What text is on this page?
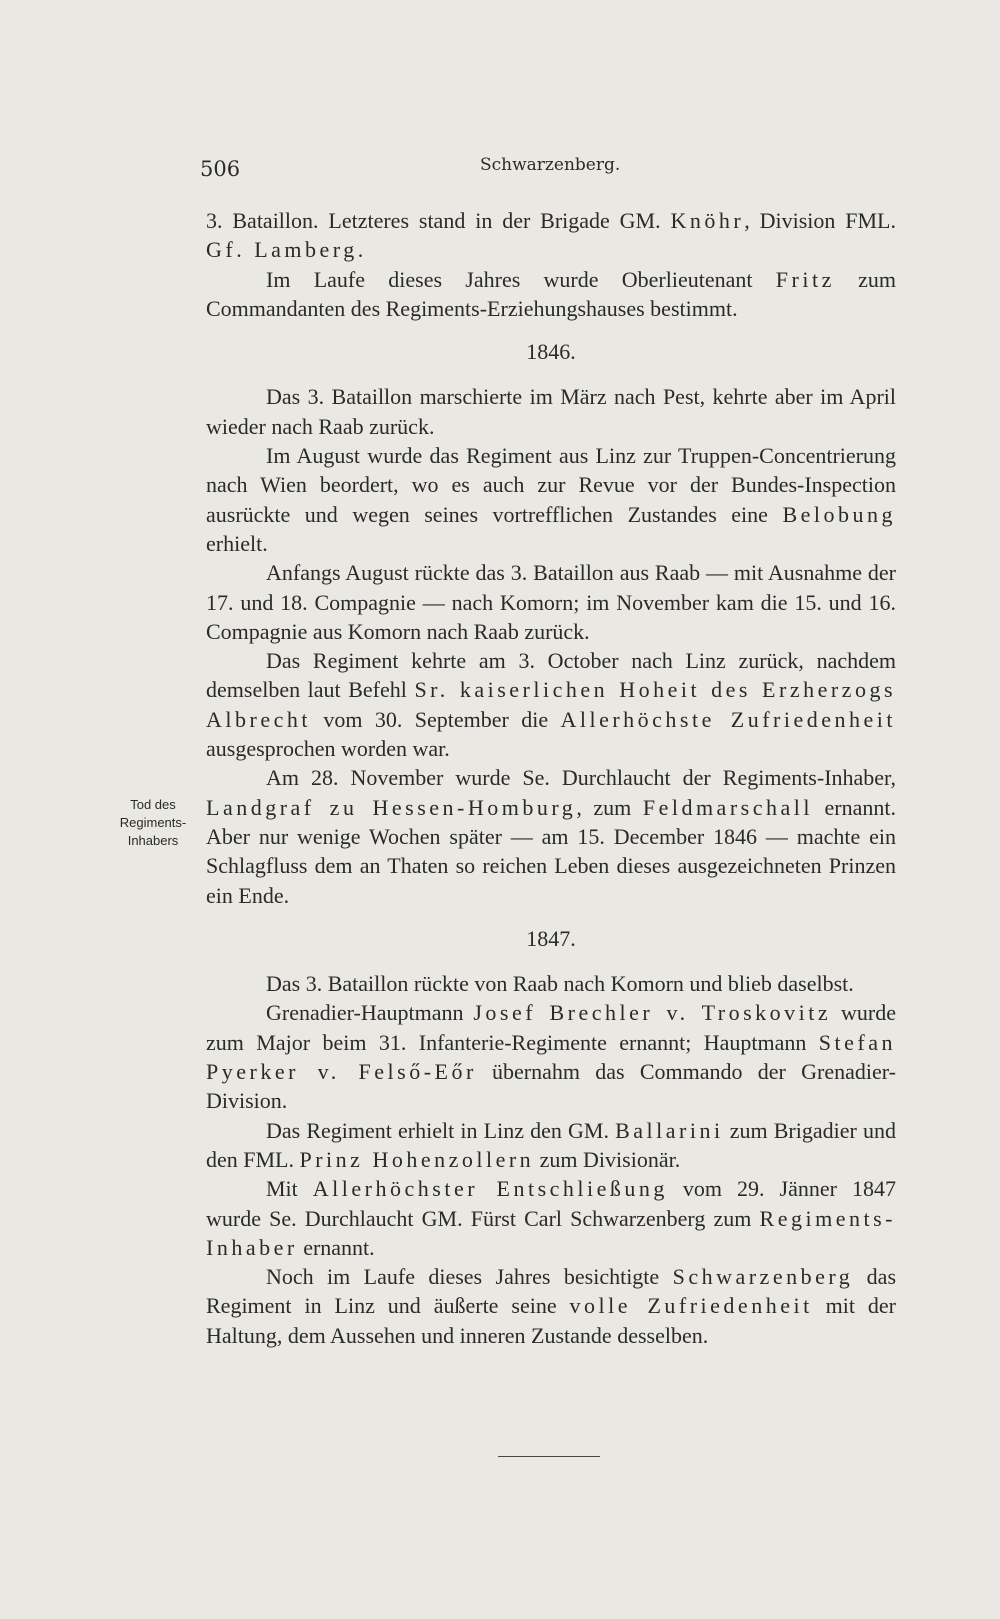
506	Schwarzenberg.
Tod des
Regiments-
Inhabers

3. Bataillon. Letzteres stand in der Brigade GM. Knöhr, Division FML. Gf. Lamberg.

Im Laufe dieses Jahres wurde Oberlieutenant Fritz zum Commandanten des Regiments-Erziehungshauses bestimmt.

1846.

Das 3. Bataillon marschierte im März nach Pest, kehrte aber im April wieder nach Raab zurück.

Im August wurde das Regiment aus Linz zur Truppen-Concentrierung nach Wien beordert, wo es auch zur Revue vor der Bundes-Inspection ausrückte und wegen seines vortrefflichen Zustandes eine Belobung erhielt.

Anfangs August rückte das 3. Bataillon aus Raab — mit Ausnahme der 17. und 18. Compagnie — nach Komorn; im November kam die 15. und 16. Compagnie aus Komorn nach Raab zurück.

Das Regiment kehrte am 3. October nach Linz zurück, nachdem demselben laut Befehl Sr. kaiserlichen Hoheit des Erzherzogs Albrecht vom 30. September die Allerhöchste Zufriedenheit ausgesprochen worden war.

Am 28. November wurde Se. Durchlaucht der Regiments-Inhaber, Landgraf zu Hessen-Homburg, zum Feldmarschall ernannt. Aber nur wenige Wochen später — am 15. December 1846 — machte ein Schlagfluss dem an Thaten so reichen Leben dieses ausgezeichneten Prinzen ein Ende.

1847.

Das 3. Bataillon rückte von Raab nach Komorn und blieb daselbst.

Grenadier-Hauptmann Josef Brechler v. Troskovitz wurde zum Major beim 31. Infanterie-Regimente ernannt; Hauptmann Stefan Pyerker v. Felső-Eőr übernahm das Commando der Grenadier-Division.

Das Regiment erhielt in Linz den GM. Ballarini zum Brigadier und den FML. Prinz Hohenzollern zum Divisionär.

Mit Allerhöchster Entschließung vom 29. Jänner 1847 wurde Se. Durchlaucht GM. Fürst Carl Schwarzenberg zum Regiments-Inhaber ernannt.

Noch im Laufe dieses Jahres besichtigte Schwarzenberg das Regiment in Linz und äußerte seine volle Zufriedenheit mit der Haltung, dem Aussehen und inneren Zustande desselben.
